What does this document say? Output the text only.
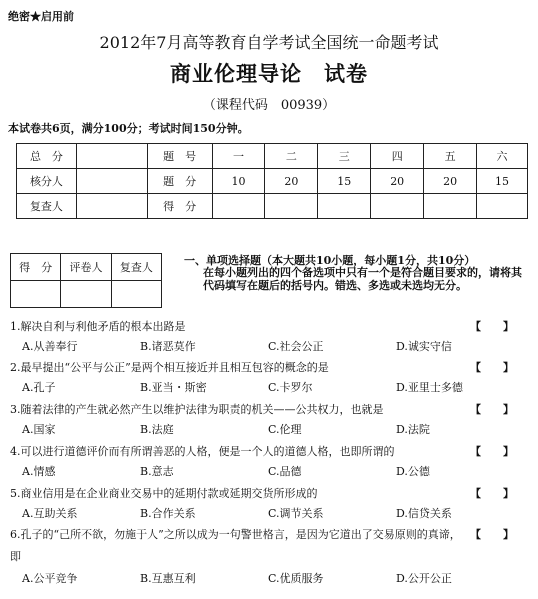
绝密★启用前
2012年7月高等教育自学考试全国统一命题考试
商业伦理导论　试卷
（课程代码　00939）
本试卷共6页，满分100分；考试时间150分钟。
总　分		题　号	一	二	三	四	五	六
核分人		题　分	10	20	15	20	20	15
复查人		得　分						
得　分	评卷人	复查人

一、单项选择题（本大题共10小题，每小题1分，共10分）
在每小题列出的四个备选项中只有一个是符合题目要求的，请将其代码填写在题后的括号内。错选、多选或未选均无分。
1.解决自利与利他矛盾的根本出路是	【　　】
A.从善奉行	B.诸恶莫作	C.社会公正	D.诚实守信
2.最早提出“公平与公正”是两个相互接近并且相互包容的概念的是	【　　】
A.孔子	B.亚当・斯密	C.卡罗尔	D.亚里士多德
3.随着法律的产生就必然产生以维护法律为职责的机关——公共权力，也就是	【　　】
A.国家	B.法庭	C.伦理	D.法院
4.可以进行道德评价而有所谓善恶的人格，便是一个人的道德人格，也即所谓的	【　　】
A.情感	B.意志	C.品德	D.公德
5.商业信用是在企业商业交易中的延期付款或延期交货所形成的	【　　】
A.互助关系	B.合作关系	C.调节关系	D.信贷关系
6.孔子的“己所不欲，勿施于人”之所以成为一句警世格言，是因为它道出了交易原则的真谛， 【　　】
即
A.公平竞争	B.互惠互利	C.优质服务	D.公开公正
